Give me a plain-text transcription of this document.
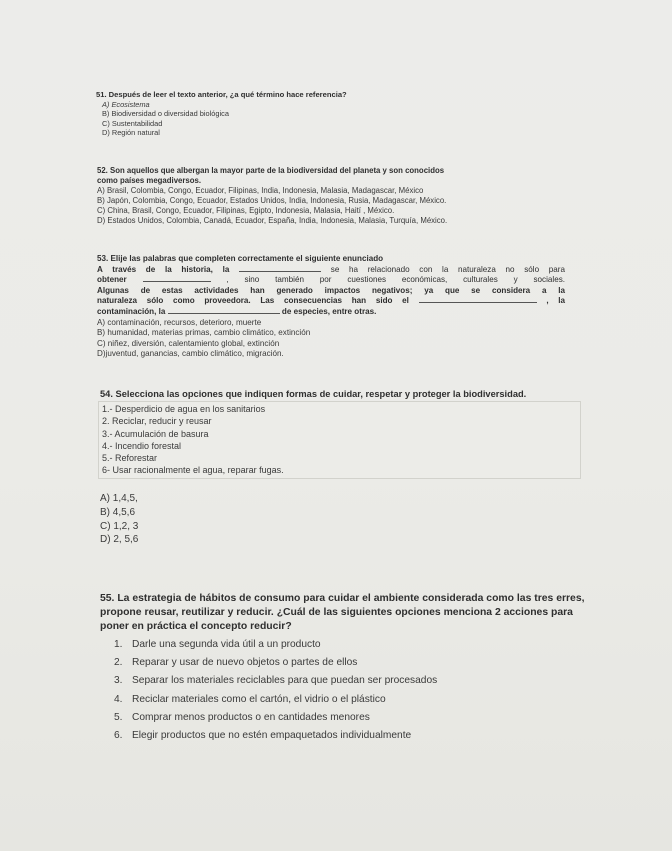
51. Después de leer el texto anterior, ¿a qué término hace referencia?
A) Ecosistema
B) Biodiversidad o diversidad biológica
C) Sustentabilidad
D) Región natural
52. Son aquellos que albergan la mayor parte de la biodiversidad del planeta y son conocidos
como países megadiversos.
A) Brasil, Colombia, Congo, Ecuador, Filipinas, India, Indonesia, Malasia, Madagascar, México
B) Japón, Colombia, Congo, Ecuador, Estados Unidos, India, Indonesia, Rusia, Madagascar, México.
C) China, Brasil, Congo, Ecuador, Filipinas, Egipto, Indonesia, Malasia, Haití , México.
D) Estados Unidos, Colombia, Canadá, Ecuador, España, India, Indonesia, Malasia, Turquía, México.
53. Elije las palabras que completen correctamente el siguiente enunciado
A través de la historia, la	se ha relacionado con la naturaleza no sólo para
obtener	, sino también por cuestiones económicas, culturales y sociales.
Algunas de estas actividades han generado impactos negativos; ya que se considera a la
naturaleza sólo como proveedora. Las consecuencias han sido el	, la
contaminación, la	de especies, entre otras.
A) contaminación, recursos, deterioro, muerte
B) humanidad, materias primas, cambio climático, extinción
C) niñez, diversión, calentamiento global, extinción
D)juventud, ganancias, cambio climático, migración.
54. Selecciona las opciones que indiquen formas de cuidar, respetar y proteger la biodiversidad.
1.- Desperdicio de agua en los sanitarios
2. Reciclar, reducir y reusar
3.- Acumulación de basura
4.- Incendio forestal
5.- Reforestar
6- Usar racionalmente el agua, reparar fugas.
A) 1,4,5,
B) 4,5,6
C) 1,2, 3
D) 2, 5,6
55. La estrategia de hábitos de consumo para cuidar el ambiente considerada como las tres erres,
propone reusar, reutilizar y reducir. ¿Cuál de las siguientes opciones menciona 2 acciones para
poner en práctica el concepto reducir?
1. Darle una segunda vida útil a un producto
2. Reparar y usar de nuevo objetos o partes de ellos
3. Separar los materiales reciclables para que puedan ser procesados
4. Reciclar materiales como el cartón, el vidrio o el plástico
5. Comprar menos productos o en cantidades menores
6. Elegir productos que no estén empaquetados individualmente
